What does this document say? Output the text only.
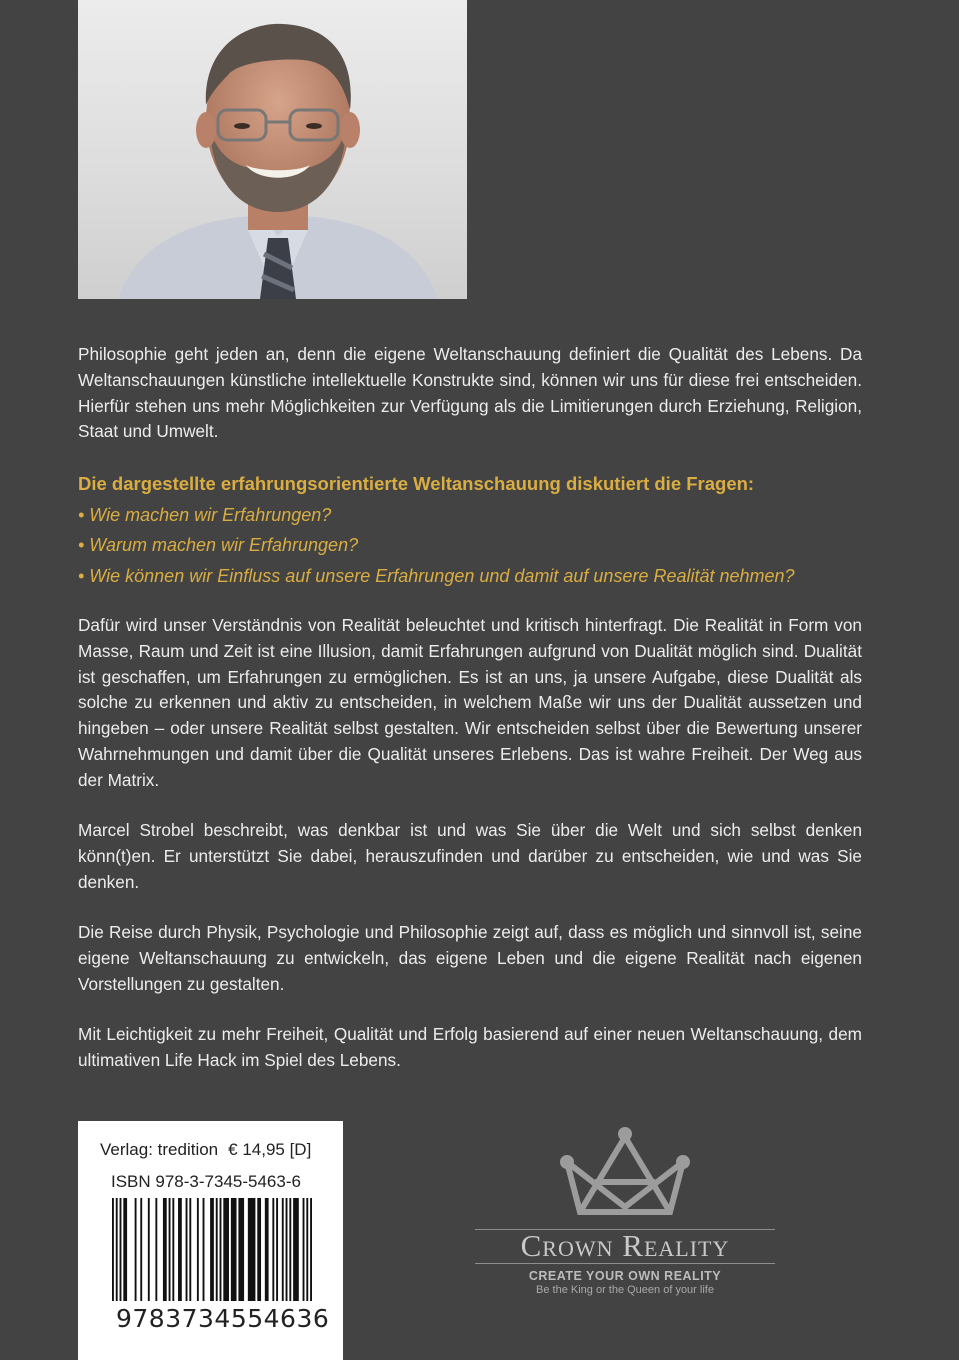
Philosophie geht jeden an, denn die eigene Weltanschauung definiert die Qualität des Lebens. Da Weltanschauungen künstliche intellektuelle Konstrukte sind, können wir uns für diese frei entscheiden. Hierfür stehen uns mehr Möglichkeiten zur Verfügung als die Limitierungen durch Erziehung, Religion, Staat und Umwelt.

Die dargestellte erfahrungsorientierte Weltanschauung diskutiert die Fragen:
• Wie machen wir Erfahrungen?
• Warum machen wir Erfahrungen?
• Wie können wir Einfluss auf unsere Erfahrungen und damit auf unsere Realität nehmen?

Dafür wird unser Verständnis von Realität beleuchtet und kritisch hinterfragt. Die Realität in Form von Masse, Raum und Zeit ist eine Illusion, damit Erfahrungen aufgrund von Dualität möglich sind. Dualität ist geschaffen, um Erfahrungen zu ermöglichen. Es ist an uns, ja unsere Aufgabe, diese Dualität als solche zu erkennen und aktiv zu entscheiden, in welchem Maße wir uns der Dualität aussetzen und hingeben – oder unsere Realität selbst gestalten. Wir entscheiden selbst über die Bewertung unserer Wahrnehmungen und damit über die Qualität unseres Erlebens. Das ist wahre Freiheit. Der Weg aus der Matrix.

Marcel Strobel beschreibt, was denkbar ist und was Sie über die Welt und sich selbst denken könn(t)en. Er unterstützt Sie dabei, herauszufinden und darüber zu entscheiden, wie und was Sie denken.

Die Reise durch Physik, Psychologie und Philosophie zeigt auf, dass es möglich und sinnvoll ist, seine eigene Weltanschauung zu entwickeln, das eigene Leben und die eigene Realität nach eigenen Vorstellungen zu gestalten.

Mit Leichtigkeit zu mehr Freiheit, Qualität und Erfolg basierend auf einer neuen Weltanschauung, dem ultimativen Life Hack im Spiel des Lebens.

Verlag: tredition € 14,95 [D]
ISBN 978-3-7345-5463-6
9783734554636
Crown Reality
CREATE YOUR OWN REALITY
Be the King or the Queen of your life
